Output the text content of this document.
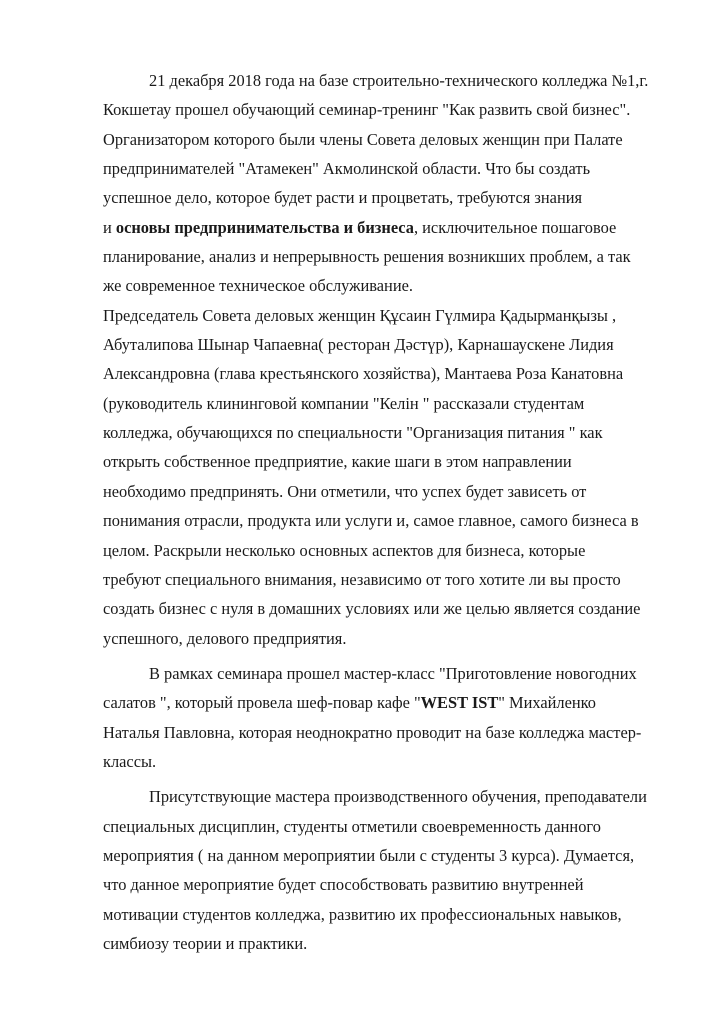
21 декабря 2018 года на базе строительно-технического колледжа №1,г.
Кокшетау прошел обучающий семинар-тренинг "Как развить свой бизнес".
Организатором которого были члены Совета деловых женщин при Палате
предпринимателей "Атамекен" Акмолинской области. Что бы создать
успешное дело, которое будет расти и процветать, требуются знания
и основы предпринимательства и бизнеса, исключительное пошаговое
планирование, анализ и непрерывность решения возникших проблем, а так
же современное техническое обслуживание.
Председатель Совета деловых женщин Құсаин Гүлмира Қадырманқызы ,
Абуталипова Шынар Чапаевна( ресторан Дәстүр), Карнашаускене Лидия
Александровна (глава крестьянского хозяйства), Мантаева Роза Канатовна
(руководитель клининговой компании "Келін " рассказали студентам
колледжа, обучающихся по специальности "Организация питания " как
открыть собственное предприятие, какие шаги в этом направлении
необходимо предпринять. Они отметили, что успех будет зависеть от
понимания отрасли, продукта или услуги и, самое главное, самого бизнеса в
целом. Раскрыли несколько основных аспектов для бизнеса, которые
требуют специального внимания, независимо от того хотите ли вы просто
создать бизнес с нуля в домашних условиях или же целью является создание
успешного, делового предприятия.
В рамках семинара прошел мастер-класс "Приготовление новогодних
салатов ", который провела шеф-повар кафе "WEST IST" Михайленко
Наталья Павловна, которая неоднократно проводит на базе колледжа мастер-
классы.
Присутствующие мастера производственного обучения, преподаватели
специальных дисциплин, студенты отметили своевременность данного
мероприятия ( на данном мероприятии были с студенты 3 курса). Думается,
что данное мероприятие будет способствовать развитию внутренней
мотивации студентов колледжа, развитию их профессиональных навыков,
симбиозу теории и практики.
